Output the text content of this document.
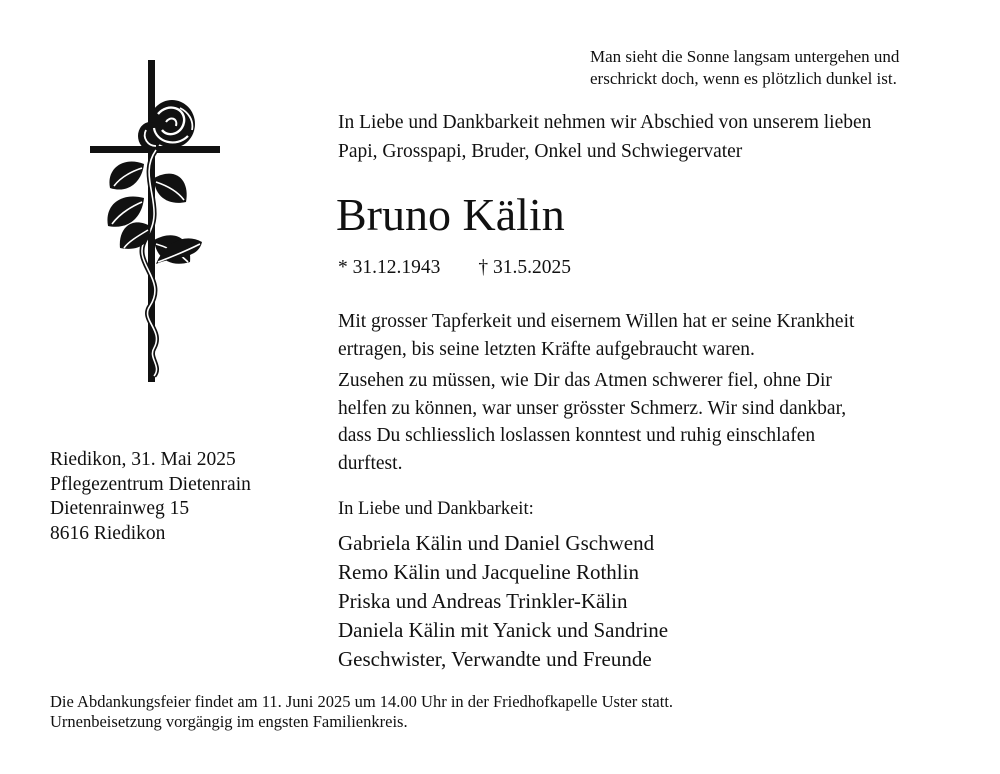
Man sieht die Sonne langsam untergehen und
erschrickt doch, wenn es plötzlich dunkel ist.
In Liebe und Dankbarkeit nehmen wir Abschied von unserem lieben
Papi, Grosspapi, Bruder, Onkel und Schwiegervater
Bruno Kälin
* 31.12.1943 † 31.5.2025
Mit grosser Tapferkeit und eisernem Willen hat er seine Krankheit
ertragen, bis seine letzten Kräfte aufgebraucht waren.
Zusehen zu müssen, wie Dir das Atmen schwerer fiel, ohne Dir
helfen zu können, war unser grösster Schmerz. Wir sind dankbar,
dass Du schliesslich loslassen konntest und ruhig einschlafen
durftest.
Riedikon, 31. Mai 2025
Pflegezentrum Dietenrain
Dietenrainweg 15
8616 Riedikon
In Liebe und Dankbarkeit:
Gabriela Kälin und Daniel Gschwend
Remo Kälin und Jacqueline Rothlin
Priska und Andreas Trinkler-Kälin
Daniela Kälin mit Yanick und Sandrine
Geschwister, Verwandte und Freunde
Die Abdankungsfeier findet am 11. Juni 2025 um 14.00 Uhr in der Friedhofkapelle Uster statt.
Urnenbeisetzung vorgängig im engsten Familienkreis.
